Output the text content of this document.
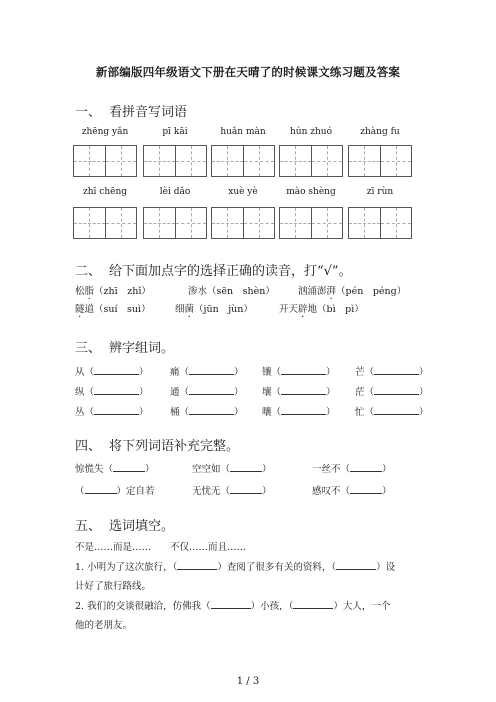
新部编版四年级语文下册在天晴了的时候课文练习题及答案
一、 看拼音写词语
zhēng yǎn	pī kāi	huǎn màn	hún zhuó	zhàng fu
zhī chēng	lèi dǎo	xuè yè	mào shèng	zī rùn
二、 给下面加点字的选择正确的读音，打“√”。
松脂（zhī　zhǐ）	渗水（sēn　shèn） 汹涌澎湃（pén　péng）
隧道（suí　suì）	细菌（jūn　jùn）	开天辟地（bì　pì）
三、 辨字组词。
从（	） 痛（	） 镶（	） 芒（	）
纵（	） 通（	） 壤（	） 茫（	）
丛（	） 桶（	） 嚷（	） 忙（	）
四、 将下列词语补充完整。
惊慌失（	）	空空如（	）	一丝不（	）
（	）定自若	无忧无（	）	感叹不（	）
五、 选词填空。
不是……而是……　　不仅……而且……
1. 小明为了这次旅行，（	）查阅了很多有关的资料，（	）设
计好了旅行路线。
2. 我们的交谈很融洽，仿佛我（	）小孩，（	）大人，一个
他的老朋友。
1 / 3
